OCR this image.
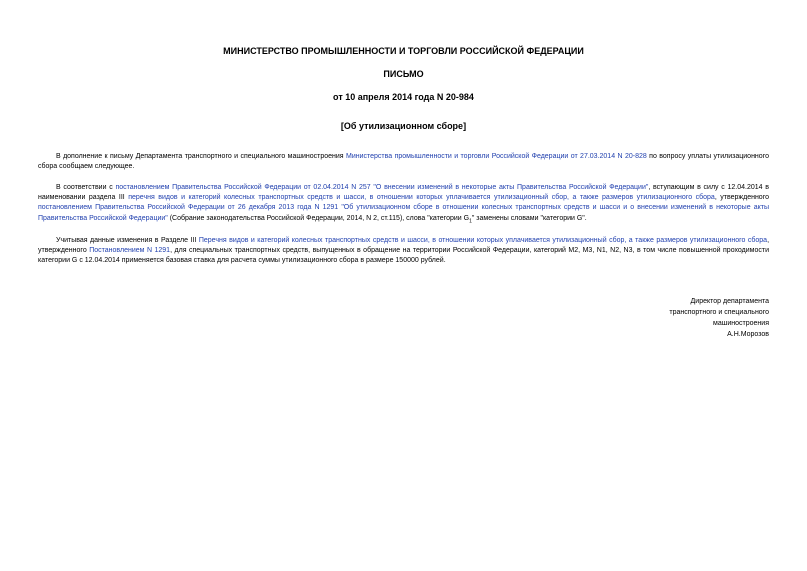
МИНИСТЕРСТВО ПРОМЫШЛЕННОСТИ И ТОРГОВЛИ РОССИЙСКОЙ ФЕДЕРАЦИИ
ПИСЬМО
от 10 апреля 2014 года N 20-984
[Об утилизационном сборе]

В дополнение к письму Департамента транспортного и специального машиностроения Министерства промышленности и торговли Российской Федерации от 27.03.2014 N 20-828 по вопросу уплаты утилизационного сбора сообщаем следующее.

В соответствии с постановлением Правительства Российской Федерации от 02.04.2014 N 257 "О внесении изменений в некоторые акты Правительства Российской Федерации", вступающим в силу с 12.04.2014 в наименовании раздела III перечня видов и категорий колесных транспортных средств и шасси, в отношении которых уплачивается утилизационный сбор, а также размеров утилизационного сбора, утвержденного постановлением Правительства Российской Федерации от 26 декабря 2013 года N 1291 "Об утилизационном сборе в отношении колесных транспортных средств и шасси и о внесении изменений в некоторые акты Правительства Российской Федерации" (Собрание законодательства Российской Федерации, 2014, N 2, ст.115), слова "категории $G_1$" заменены словами "категории G".

Учитывая данные изменения в Разделе III Перечня видов и категорий колесных транспортных средств и шасси, в отношении которых уплачивается утилизационный сбор, а также размеров утилизационного сбора, утвержденного Постановлением N 1291, для специальных транспортных средств, выпущенных в обращение на территории Российской Федерации, категорий М2, М3, N1, N2, N3, в том числе повышенной проходимости категории G с 12.04.2014 применяется базовая ставка для расчета суммы утилизационного сбора в размере 150000 рублей.

Директор департамента
транспортного и специального
машиностроения
А.Н.Морозов
